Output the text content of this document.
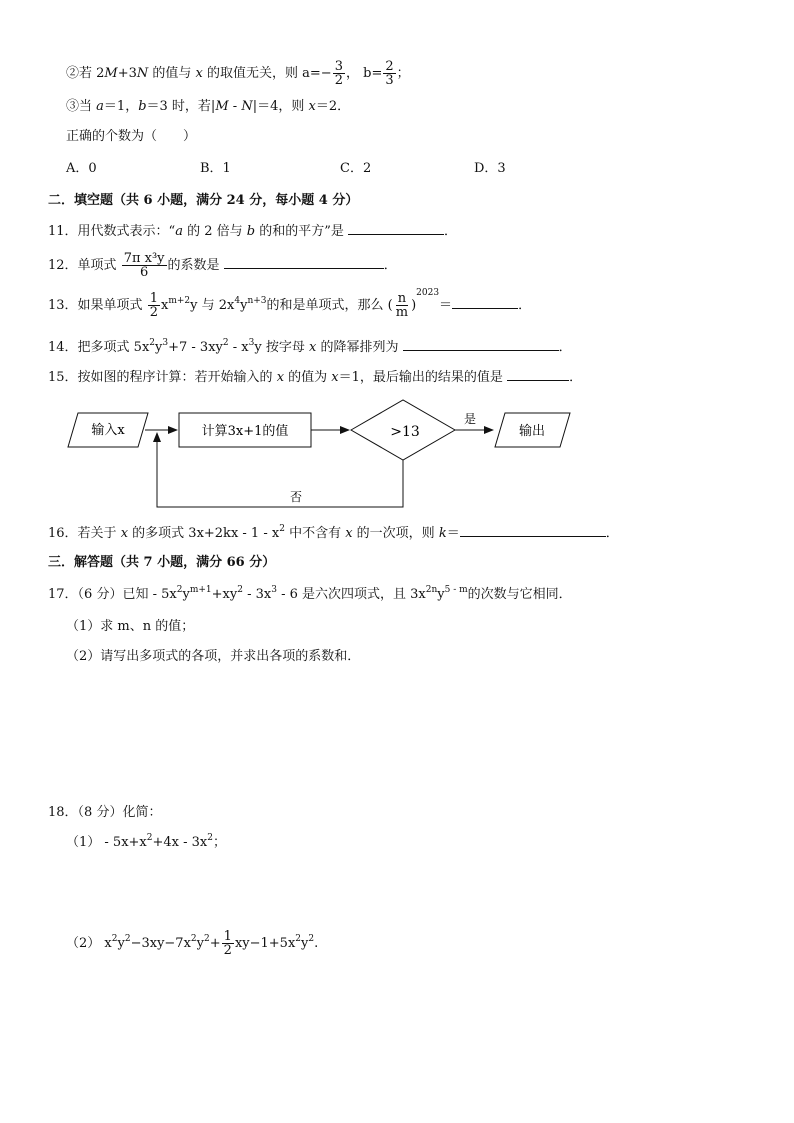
②若 2M+3N 的值与 x 的取值无关，则 $a=- \frac{3}{2}$ ， $b= \frac{2}{3}$ ；
③当 a＝1，b＝3 时，若|M - N|＝4，则 x＝2．
正确的个数为（　　）
A．0	B．1	C．2	D．3
二．填空题（共 6 小题，满分 24 分，每小题 4 分）
11．用代数式表示：“a 的 2 倍与 b 的和的平方”是	．
12．单项式 $\frac{\text{7π x³y}}{6}$ 的系数是	．
13．如果单项式 $\frac{1}{2} x^{m+2}y$ 与 $2x^4y^{n+3}$的和是单项式，那么 ( $\frac{n}{m} )^{2023}=$	．
14．把多项式 $5x^2y^3+7 - 3xy^2 - x^3y$ 按字母 x 的降幂排列为	．
15．按如图的程序计算：若开始输入的 x 的值为 x＝1，最后输出的结果的值是	．
输入x	计算3x+1的值	>13
是
输出
否
16．若关于 x 的多项式 $3x+2kx - 1 - x^2$ 中不含有 x 的一次项，则 k＝	．
三．解答题（共 7 小题，满分 66 分）
17．（6 分）已知 - $5x^2y^{m+1}+xy^2 - 3x^3 - 6$ 是六次四项式，且 $3x^{2n}y^{5 - m}$的次数与它相同．
（1）求 m、n 的值；
（2）请写出多项式的各项，并求出各项的系数和．
18．（8 分）化简：
$(1) - 5x+x^2+4x - 3x^2$；
（2） $x^2y^2-3xy-7x^2y^2+ \frac{1}{2} xy-1+5x^2y^2$.
